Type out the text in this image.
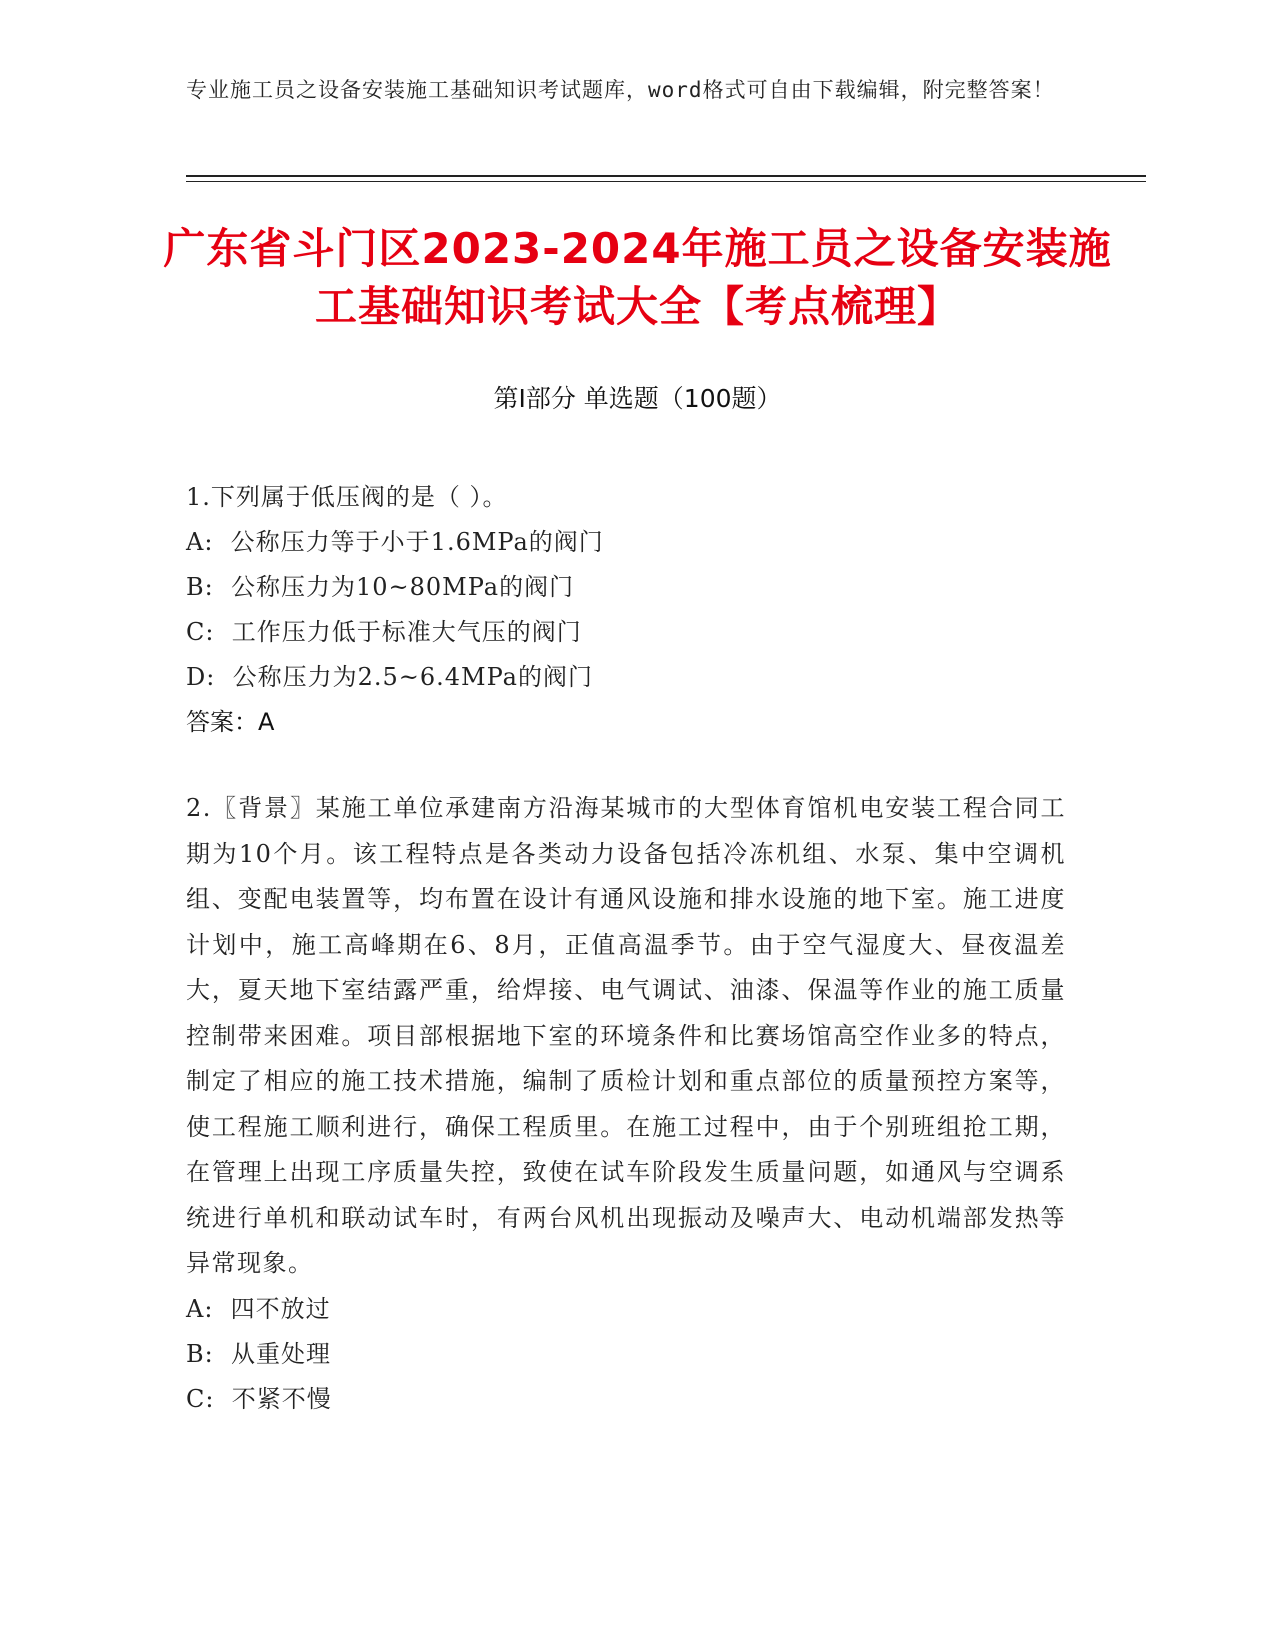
专业施工员之设备安装施工基础知识考试题库，word格式可自由下载编辑，附完整答案！
广东省斗门区2023-2024年施工员之设备安装施工基础知识考试大全【考点梳理】
第I部分 单选题（100题）
1.下列属于低压阀的是（ ）。
A:  公称压力等于小于1.6MPa的阀门
B:  公称压力为10~80MPa的阀门
C:  工作压力低于标准大气压的阀门
D:  公称压力为2.5~6.4MPa的阀门
答案：A
2.〖背景〗某施工单位承建南方沿海某城市的大型体育馆机电安装工程合同工期为10个月。该工程特点是各类动力设备包括冷冻机组、水泵、集中空调机组、变配电装置等，均布置在设计有通风设施和排水设施的地下室。施工进度计划中，施工高峰期在6、8月，正值高温季节。由于空气湿度大、昼夜温差大，夏天地下室结露严重，给焊接、电气调试、油漆、保温等作业的施工质量控制带来困难。项目部根据地下室的环境条件和比赛场馆高空作业多的特点，制定了相应的施工技术措施，编制了质检计划和重点部位的质量预控方案等，使工程施工顺利进行，确保工程质里。在施工过程中，由于个别班组抢工期，在管理上出现工序质量失控，致使在试车阶段发生质量问题，如通风与空调系统进行单机和联动试车时，有两台风机出现振动及噪声大、电动机端部发热等异常现象。
A:  四不放过
B:  从重处理
C:  不紧不慢
